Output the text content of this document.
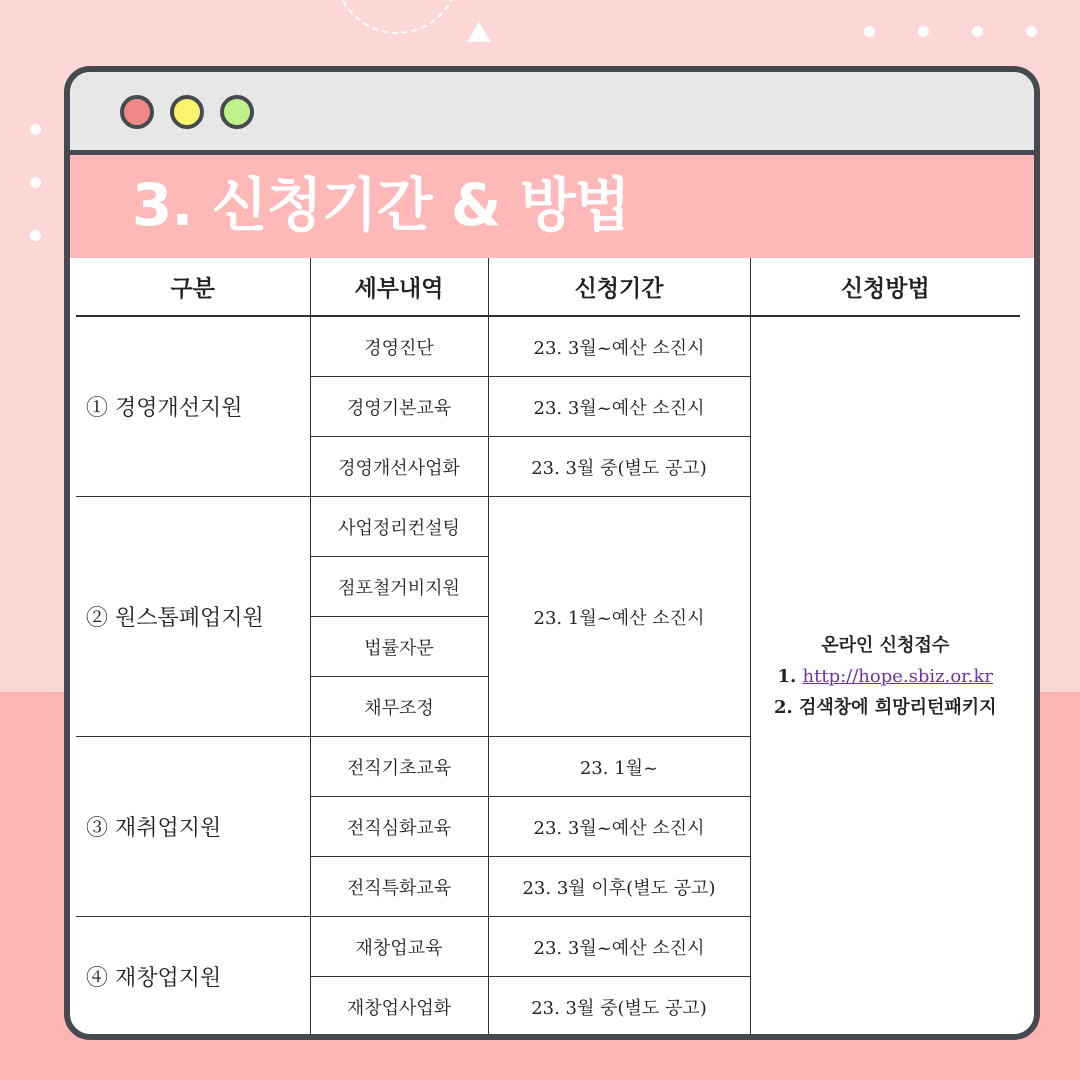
3. 신청기간 & 방법
구분	세부내역	신청기간	신청방법
① 경영개선지원	경영진단	23. 3월~예산 소진시	온라인 신청접수
1. http://hope.sbiz.or.kr
2. 검색창에 희망리턴패키지

	경영기본교육	23. 3월~예산 소진시	
	경영개선사업화	23. 3월 중(별도 공고)	
② 원스톱폐업지원	사업정리컨설팅	23. 1월~예산 소진시	
	점포철거비지원		
	법률자문		
	채무조정		
③ 재취업지원	전직기초교육	23. 1월~	
	전직심화교육	23. 3월~예산 소진시	
	전직특화교육	23. 3월 이후(별도 공고)	
④ 재창업지원	재창업교육	23. 3월~예산 소진시	
	재창업사업화	23. 3월 중(별도 공고)	
